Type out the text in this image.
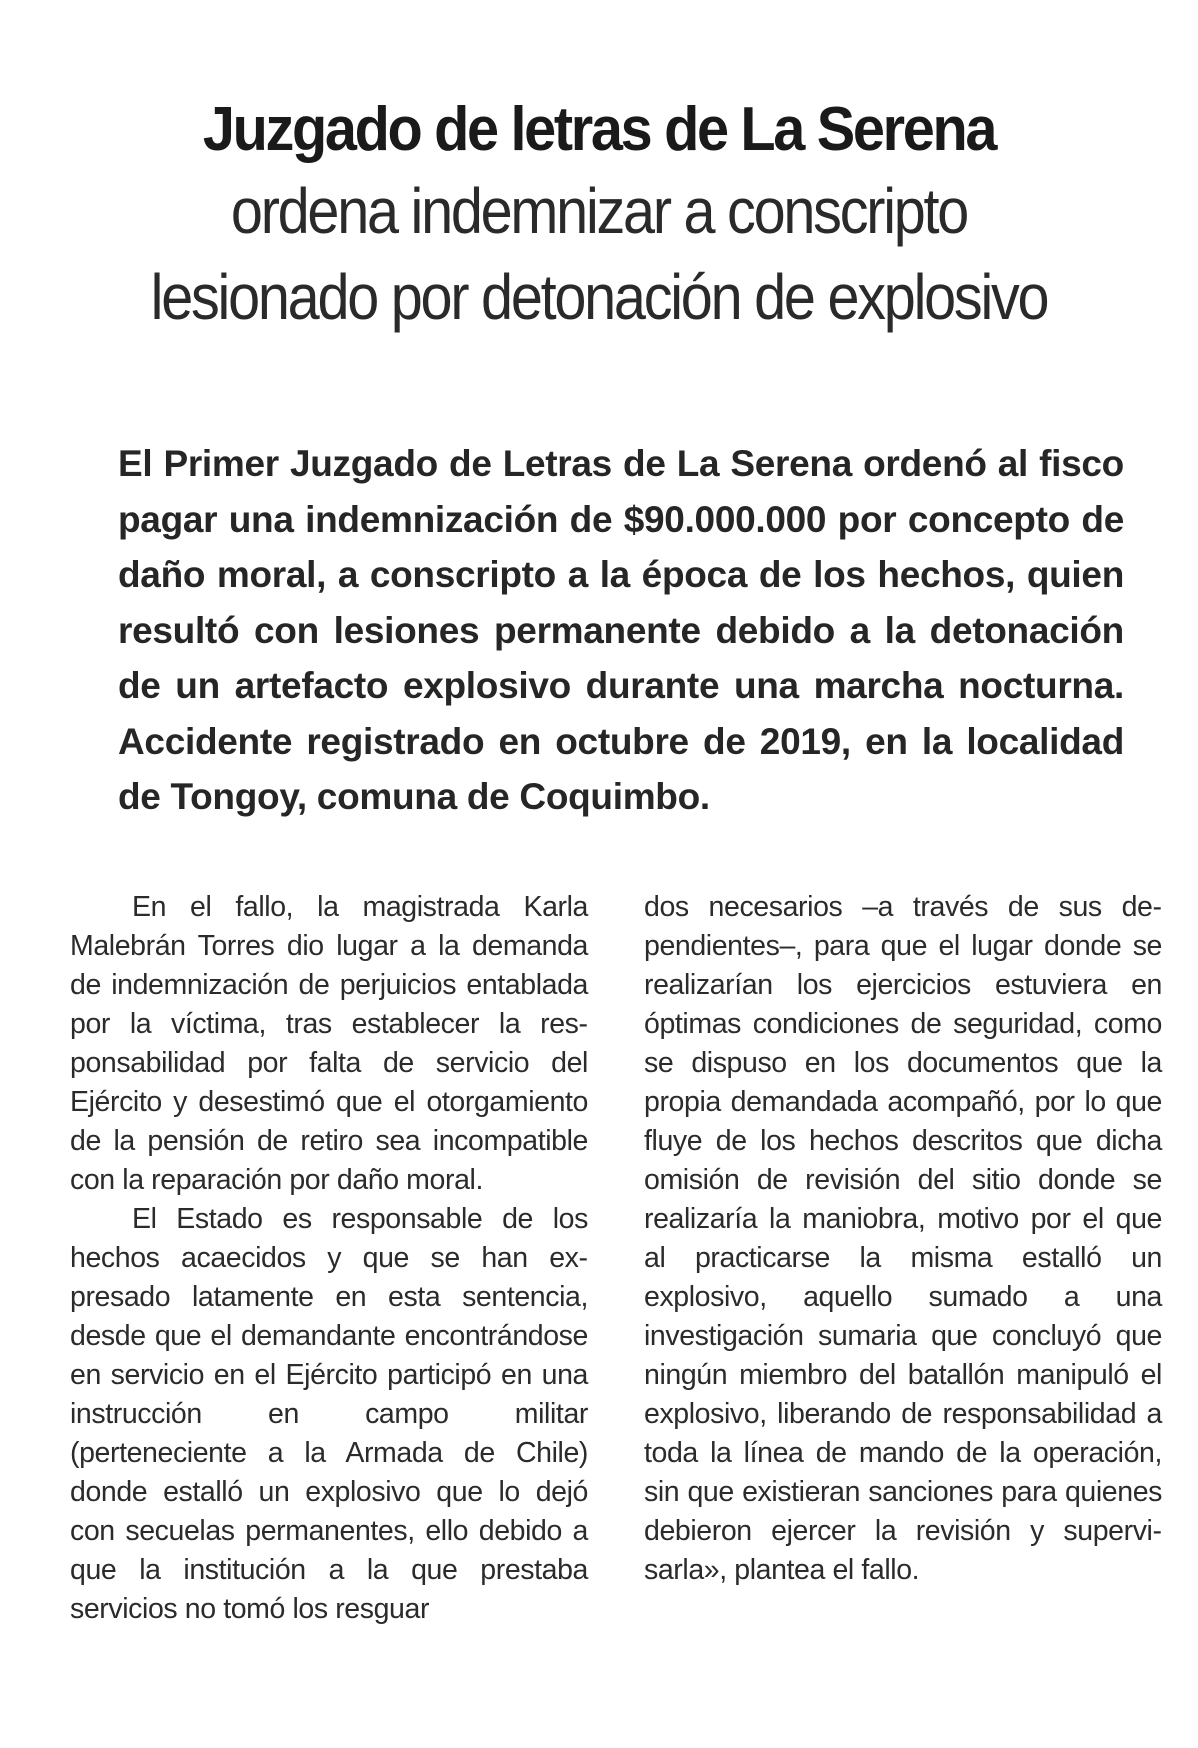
Juzgado de letras de La Serena
ordena indemnizar a conscripto
lesionado por detonación de explosivo

El Primer Juzgado de Letras de La Serena ordenó al fisco pagar una indemnización de $90.000.000 por concepto de daño moral, a conscripto a la época de los hechos, quien resultó con lesiones permanente debido a la detonación de un artefacto explosivo durante una marcha nocturna. Accidente registrado en octubre de 2019, en la localidad de Tongoy, comuna de Coquimbo.

En el fallo, la magistrada Karla Malebrán Torres dio lugar a la demanda de indemnización de perjuicios entablada por la víctima, tras establecer la responsabilidad por falta de servicio del Ejército y desestimó que el otorgamiento de la pensión de retiro sea incompatible con la reparación por daño moral.

El Estado es responsable de los hechos acaecidos y que se han expresado latamente en esta sentencia, desde que el demandante encontrándose en servicio en el Ejército participó en una instrucción en campo militar (perteneciente a la Armada de Chile) donde estalló un explosivo que lo dejó con secuelas permanentes, ello debido a que la institución a la que prestaba servicios no tomó los resguar

dos necesarios –a través de sus dependientes–, para que el lugar donde se realizarían los ejercicios estuviera en óptimas condiciones de seguridad, como se dispuso en los documentos que la propia demandada acompañó, por lo que fluye de los hechos descritos que dicha omisión de revisión del sitio donde se realizaría la maniobra, motivo por el que al practicarse la misma estalló un explosivo, aquello sumado a una investigación sumaria que concluyó que ningún miembro del batallón manipuló el explosivo, liberando de responsabilidad a toda la línea de mando de la operación, sin que existieran sanciones para quienes debieron ejercer la revisión y supervisarla», plantea el fallo.
